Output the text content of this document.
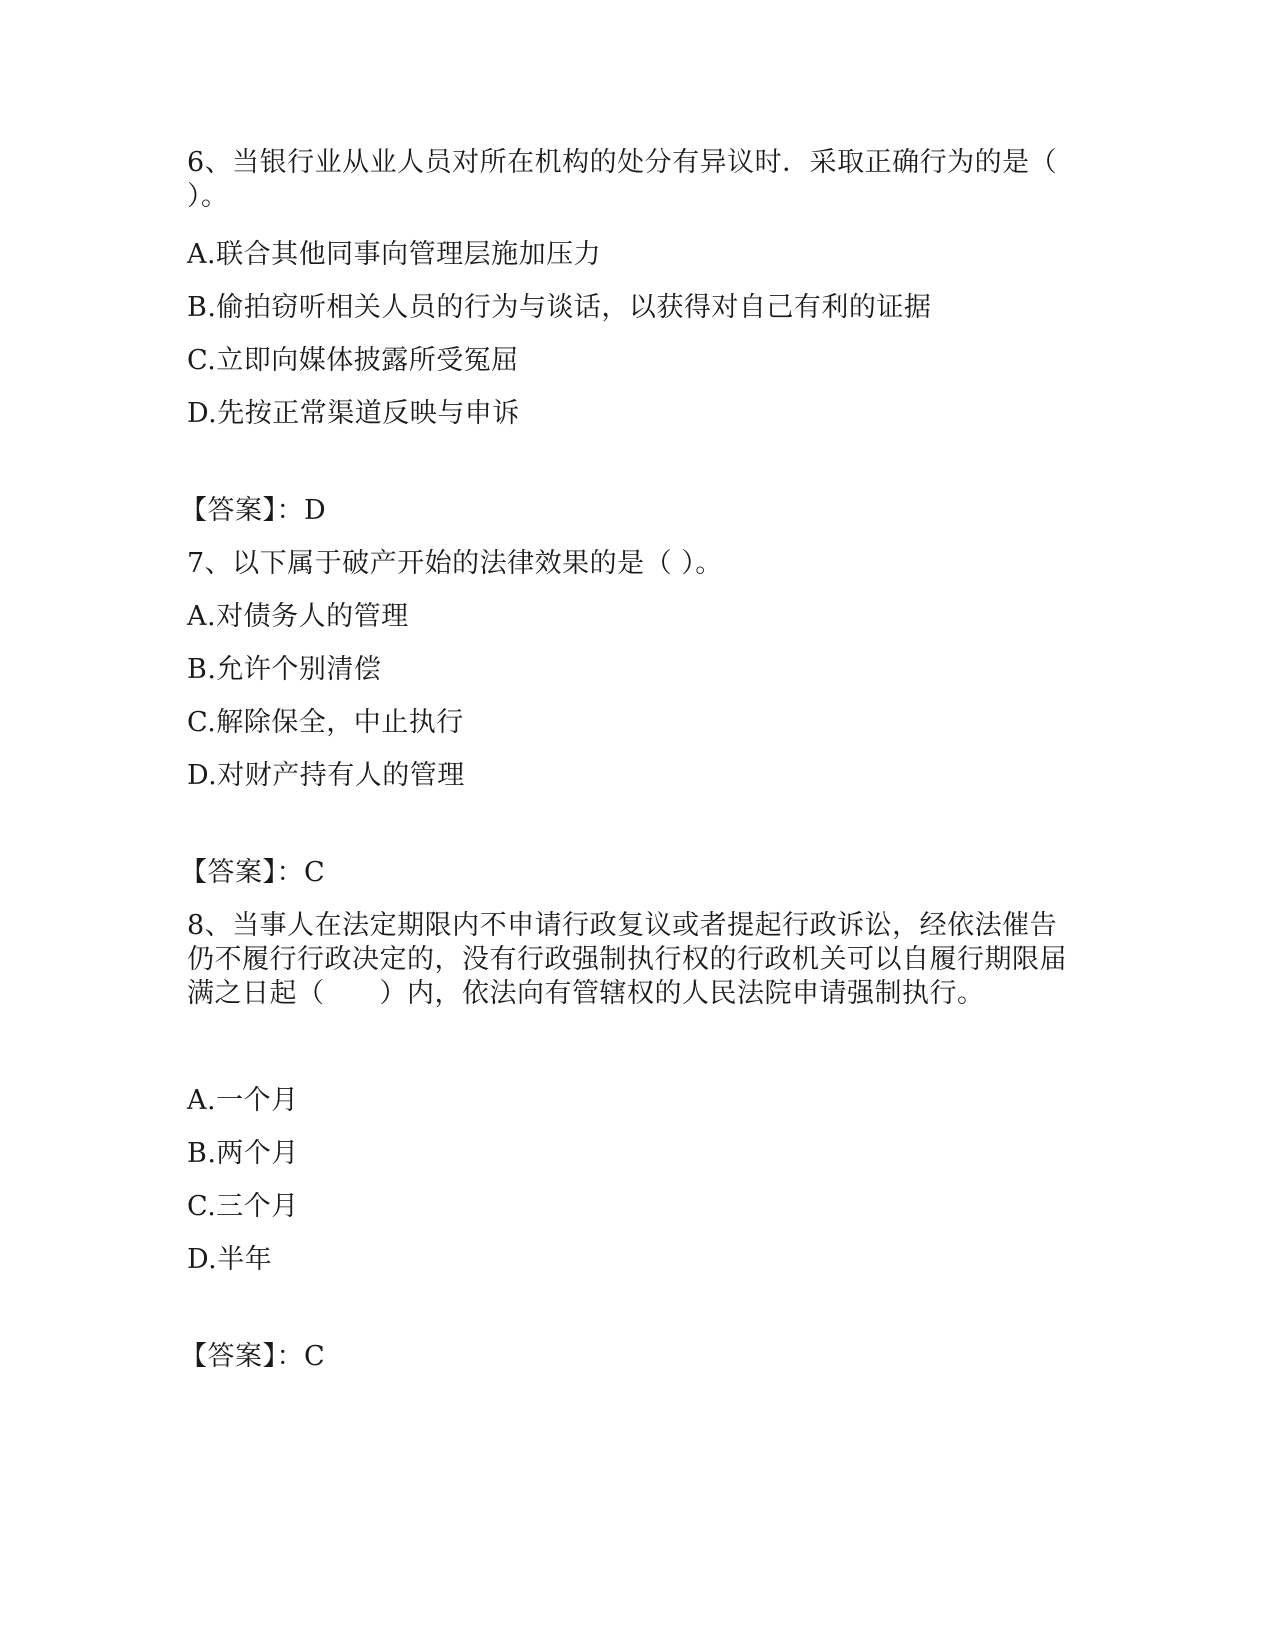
6、当银行业从业人员对所在机构的处分有异议时．采取正确行为的是（ ）。
A.联合其他同事向管理层施加压力
B.偷拍窃听相关人员的行为与谈话，以获得对自己有利的证据
C.立即向媒体披露所受冤屈
D.先按正常渠道反映与申诉
【答案】：D
7、以下属于破产开始的法律效果的是（ ）。
A.对债务人的管理
B.允许个别清偿
C.解除保全，中止执行
D.对财产持有人的管理
【答案】：C
8、当事人在法定期限内不申请行政复议或者提起行政诉讼，经依法催告仍不履行行政决定的，没有行政强制执行权的行政机关可以自履行期限届满之日起（　　）内，依法向有管辖权的人民法院申请强制执行。
A.一个月
B.两个月
C.三个月
D.半年
【答案】：C
